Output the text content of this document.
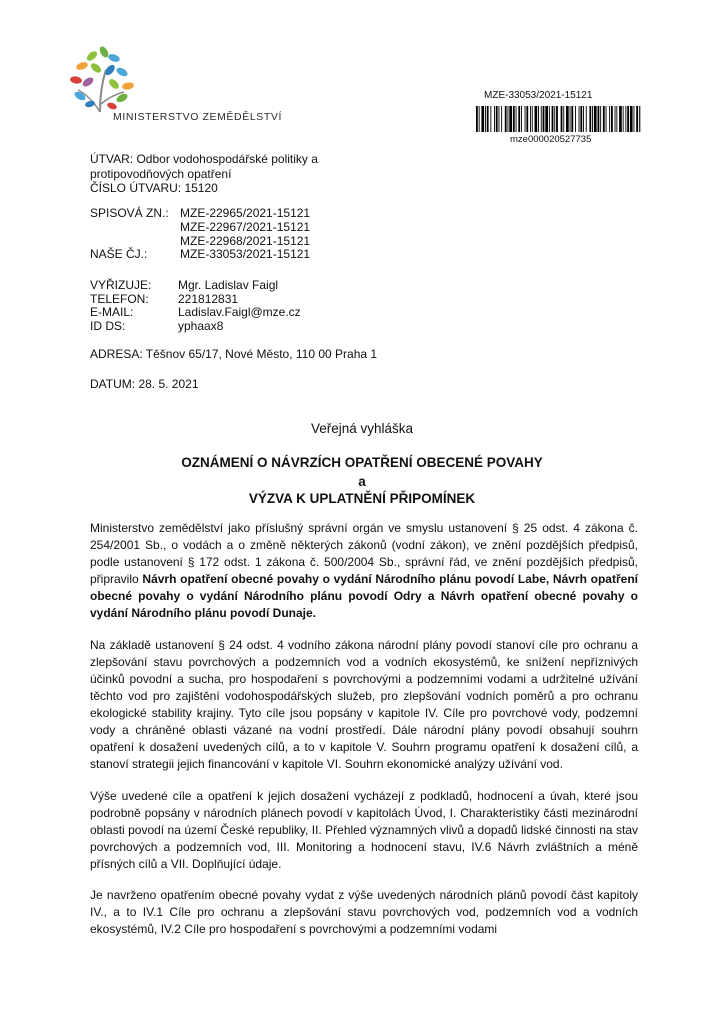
MINISTERSTVO ZEMĚDĚLSTVÍ
MZE-33053/2021-15121
mze000020527735
ÚTVAR:
Odbor vodohospodářské politiky a
protipovodňových opatření
ČÍSLO ÚTVARU: 15120
SPISOVÁ ZN.: MZE-22965/2021-15121
MZE-22967/2021-15121
MZE-22968/2021-15121
NAŠE ČJ.:	MZE-33053/2021-15121
VYŘIZUJE:	Mgr. Ladislav Faigl
TELEFON:	221812831
E-MAIL:	Ladislav.Faigl@mze.cz
ID DS:	yphaax8
ADRESA: Těšnov 65/17, Nové Město, 110 00 Praha 1
DATUM: 28. 5. 2021
Veřejná vyhláška
OZNÁMENÍ O NÁVRZÍCH OPATŘENÍ OBECENÉ POVAHY
a
VÝZVA K UPLATNĚNÍ PŘIPOMÍNEK
Ministerstvo zemědělství jako příslušný správní orgán ve smyslu ustanovení § 25 odst. 4 zákona č. 254/2001 Sb., o vodách a o změně některých zákonů (vodní zákon), ve znění pozdějších předpisů, podle ustanovení § 172 odst. 1 zákona č. 500/2004 Sb., správní řád, ve znění pozdějších předpisů, připravilo Návrh opatření obecné povahy o vydání Národního plánu povodí Labe, Návrh opatření obecné povahy o vydání Národního plánu povodí Odry a Návrh opatření obecné povahy o vydání Národního plánu povodí Dunaje.
Na základě ustanovení § 24 odst. 4 vodního zákona národní plány povodí stanoví cíle pro ochranu a zlepšování stavu povrchových a podzemních vod a vodních ekosystémů, ke snížení nepříznivých účinků povodní a sucha, pro hospodaření s povrchovými a podzemními vodami a udržitelné užívání těchto vod pro zajištění vodohospodářských služeb, pro zlepšování vodních poměrů a pro ochranu ekologické stability krajiny. Tyto cíle jsou popsány v kapitole IV. Cíle pro povrchové vody, podzemní vody a chráněné oblasti vázané na vodní prostředí. Dále národní plány povodí obsahují souhrn opatření k dosažení uvedených cílů, a to v kapitole V. Souhrn programu opatření k dosažení cílů, a stanoví strategii jejich financování v kapitole VI. Souhrn ekonomické analýzy užívání vod.
Výše uvedené cíle a opatření k jejich dosažení vycházejí z podkladů, hodnocení a úvah, které jsou podrobně popsány v národních plánech povodí v kapitolách Úvod, I. Charakteristiky části mezinárodní oblasti povodí na území České republiky, II. Přehled významných vlivů a dopadů lidské činnosti na stav povrchových a podzemních vod, III. Monitoring a hodnocení stavu, IV.6 Návrh zvláštních a méně přísných cílů a VII. Doplňující údaje.
Je navrženo opatřením obecné povahy vydat z výše uvedených národních plánů povodí část kapitoly IV., a to IV.1 Cíle pro ochranu a zlepšování stavu povrchových vod, podzemních vod a vodních ekosystémů, IV.2 Cíle pro hospodaření s povrchovými a podzemními vodami
